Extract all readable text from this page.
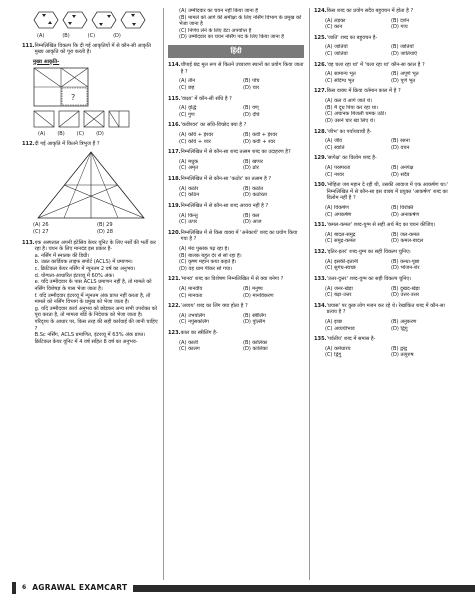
(A)	(B)	(C)	(D)
111. निम्नलिखित विकल्प कि दी गई आकृतियों में से कौन-सी आकृति मुख्य आकृति को पूरा करती है।
मुख्य आकृति-
?
(A) (B) (C) (D)
112. दी गई आकृति में कितने त्रिभुज हैं ?
(A) 26	(B) 29
(C) 27	(D) 28
113. एक अस्पताल अपनी इंटेसिव केयर यूनिट के लिए नर्सों की भर्ती कर रहा है। चयन के लिए मानदंड इस प्रकार है-
a. नर्सिंग में स्नातक की डिग्री।
b. उन्नत कार्डियक लाइफ सपोर्ट (ACLS) में प्रमाणन।
c. क्रिटिकल केयर नर्सिंग में न्यूनतम 2 वर्ष का अनुभव।
d. योग्यता-आधारित इंटरव्यू में 60% अंक।
e. यदि उम्मीदवार के पास ACLS प्रमाणन नहीं है, तो मामले को नर्सिंग विशेषज्ञ के पास भेजा जाता है।
f. यदि उम्मीदवार इंटरव्यू में न्यूनतम अंक प्राप्त नहीं करता है, तो मामले को नर्सिंग विभाग के प्रमुख को भेजा जाता है।
g. यदि उम्मीदवार कार्य अनुभव को छोड़कर अन्य सभी उपरोक्त को पूरा करता है, तो मामला बोर्ड के निदेशक को भेजा जाता है।
परिदृश्य के आधार पर, किस तरह की सही कार्रवाई की जानी चाहिए ?
B.Sc नर्सिंग, ACLS प्रमाणित, इंटरव्यू में 63% अंक प्राप्त। क्रिटिकल केयर यूनिट में 4 वर्ष सहित 8 वर्ष का अनुभव-
(A) उम्मीदवार का चयन नहीं किया जाना है
(B) मामले को आगे की समीक्षा के लिए नर्सिंग विभाग के प्रमुख को भेजा जाना है
(C) निर्णय लेने के लिए डेटा अपर्याप्त है
(D) उम्मीदवार का चयन नर्सिंग पद के लिए किया जाना है
हिंदी
114. चौपाई छंद्र मूल रूप से कितने उच्चारण स्थानों का प्रयोग किया जाता है ?
(A) तीन	(B) पाँच
(C) छह	(D) चार
115. 'वाक्ष्य' में कौन-सी संधि है ?
(A) वृद्धि	(B) यण्
(C) गुण	(D) दीर्घ
116. 'कवीश्वर' का सधि-विच्छेद क्या है ?
(A) कवि + ईश्वर	(B) कवी + ईश्वर
(C) कवि + श्वर	(D) कवी + श्वर
117. निम्नलिखित में से कौन-सा शब्द तत्सम शब्द का उदाहरण है?
(A) मधुक	(B) खप्पर
(C) अमृत	(D) ढोर
118. निम्नलिखित में से कौन-सा 'कठोर' का तत्सम है ?
(A) कठोर	(B) कठोत
(C) कठिन	(D) कठोरता
119. निम्नलिखित में से कौन-सा शब्द अव्यय नहीं है ?
(A) किन्तु	(B) कल
(C) ऊपर	(D) आज
120. निम्नलिखित में से किस वाक्य में 'अनेकार्थ' शब्द का प्रयोग किया गया है ?
(A) मेरा पुस्तक पढ़ रहा है।
(B) बालक बहुत देर से सो रहा है।
(C) कृष्ण महान कथा कहते हैं।
(D) वह धाम पीकर सो गया।
121. 'मानव' शब्द का विशेषण निम्नलिखित में से क्या बनेगा ?
(A) मानवीय	(B) मनुष्य
(C) मानवता	(D) मानविकरण
122. 'अव्यय' शब्द का लिंग क्या होता है ?
(A) उभयलिंग	(B) स्त्रीलिंग
(C) नपुंसकलिंग	(D) पुल्लिंग
123. काल का स्त्रीलिंग है-
(A) काली	(B) कालिका
(C) कालग	(D) कालिका
124. किस शब्द का प्रयोग सदैव बहुवचन में होता है ?
(A) लड़का	(B) दर्शन
(C) कान	(D) गाय
125. 'जाति' शब्द का बहुवचन है-
(A) जातियों	(B) जातियाँ
(C) जातियां	(D) जातियाएँ
126. 'वह चला रहा था' में 'चला रहा था' कौन-सा काल है ?
(A) सामान्य भूत	(B) अपूर्ण भूत
(C) संदिग्ध भूत	(D) पूर्ण भूत
127. किस वाक्य में क्रिया वर्तमान काल में है ?
(A) कल वे आगे जाते थे।
(B) मैं दूध पिया कर रहा था।
(C) अचानक बिजली चमक उठी।
(D) उसने चार खा लिए थे।
128. 'जीभ' का पर्यायवाची है-
(A) जीव	(B) रसना
(C) स्वाति	(D) वचन
129. 'सापेक्ष' का विलोम शब्द है-
(A) परस्परता	(B) अनपेक्ष
(C) नश्वर	(D) सदैव
130. 'मोहिता जब महान दे रही थी, उसकी आवाज में एक आकर्षण था।' निम्नलिखित में से कौन-सा इस वाक्य में प्रयुक्त 'आकर्षण' शब्द का विलोम नहीं है ?
(A) विकर्षण	(B) विरक्ति
(C) अपकर्षण	(D) अनाकर्षण
131. 'कमल-कमल' शब्द-युग्म से सही अर्थ मेद का चयन कीजिए।
(A) बादल-समुद्र	(B) जल-कमल
(C) समुद्र-कमल	(D) कमल-बादल
132. 'इतिर-इतर' शब्द-युग्म का सही विकल्प चुनिए।
(A) इसकी-इतानी	(B) कन्धा-पूछा
(C) सुगंध-स्वच्छ	(D) भोजन-शेर
133. 'उत्तर-दुत्तर' शब्द-युग्म का सही विकल्प चुनिए।
(A) जनर-खेड़ा	(B) दुखद-खेड़ा
(C) बढ़ा-उत्तर	(D) उत्तर-उत्तर
134. 'प्रयास' पर कुछ लोग मजन कर रहे थे। रेखांकित शब्द में कौन-सा प्रत्यय है ?
(A) इच्छ	(B) अनुकरण
(C) अव्ययीभाव	(D) द्विगु
135. 'पर्वतीय' शब्द में समास है-
(A) कर्मधारय	(B) द्वन्द्व
(C) द्विगु	(D) तत्पुरुष
6 AGRAWAL EXAMCART
